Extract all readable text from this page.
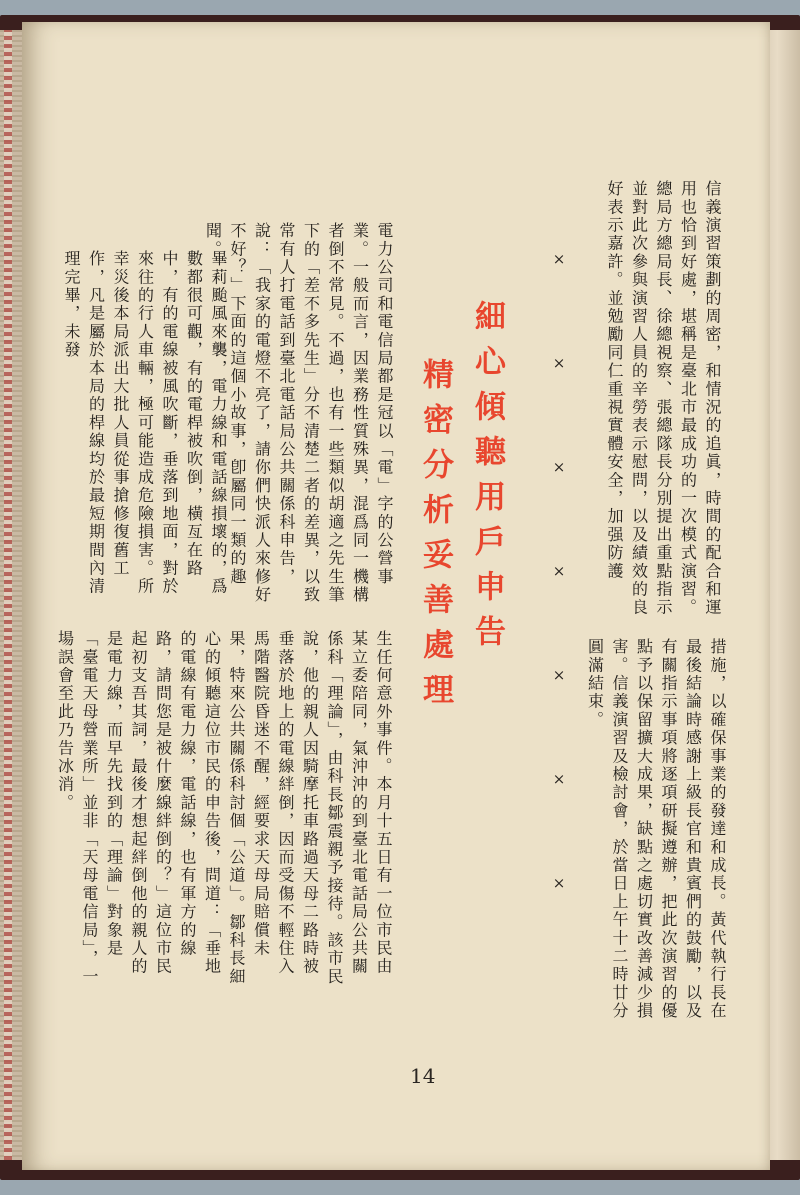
信義演習策劃的周密，和情況的追眞，時間的配合和運用也恰到好處，堪稱是臺北市最成功的一次模式演習。總局方總局長、徐總視察、張總隊長分別提出重點指示並對此次參與演習人員的辛勞表示慰問，以及績效的良好表示嘉許。並勉勵同仁重視實體安全，加强防護

措施，以確保事業的發達和成長。黃代執行長在最後結論時感謝上級長官和貴賓們的鼓勵，以及有關指示事項將逐項研擬遵辦，把此次演習的優點予以保留擴大成果，缺點之處切實改善減少損害。信義演習及檢討會，於當日上午十二時廿分圓滿結束。

×××××××
細心傾聽用戶申告
精密分析妥善處理

生任何意外事件。本月十五日有一位市民由某立委陪同，氣沖沖的到臺北電話局公共關係科「理論」，由科長鄒震親予接待。該市民說，他的親人因騎摩托車路過天母二路時被垂落於地上的電線絆倒，因而受傷不輕住入馬階醫院昏迷不醒，經要求天母局賠償未果，特來公共關係科討個「公道」。鄒科長細心的傾聽這位市民的申告後，問道：「垂地的電線有電力線，電話線，也有軍方的線路，請問您是被什麼線絆倒的？」這位市民起初支吾其詞，最後才想起絆倒他的親人的是電力線，而早先找到的「理論」對象是「臺電天母營業所」並非「天母電信局」，一場誤會至此乃告冰消。

電力公司和電信局都是冠以「電」字的公營事業。一般而言，因業務性質殊異，混爲同一機構者倒不常見。不過，也有一些類似胡適之先生筆下的「差不多先生」分不清楚二者的差異，以致常有人打電話到臺北電話局公共關係科申告，說：「我家的電燈不亮了，請你們快派人來修好不好？」下面的這個小故事，卽屬同一類的趣聞。

畢莉颱風來襲，電力線和電話線損壞的，爲數都很可觀，有的電桿被吹倒，橫亙在路中，有的電線被風吹斷，垂落到地面，對於來往的行人車輛，極可能造成危險損害。所幸災後本局派出大批人員從事搶修復舊工作，凡是屬於本局的桿線均於最短期間內清理完畢，未發

14
